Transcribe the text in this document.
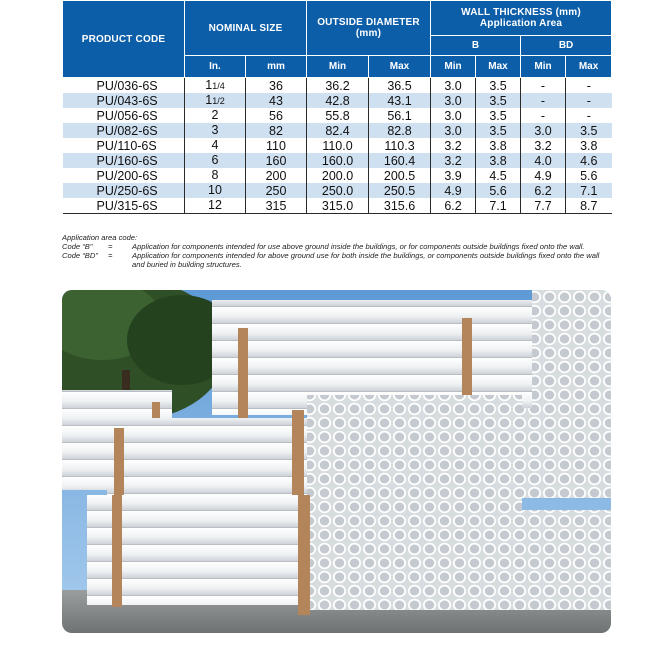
PRODUCT CODE	NOMINAL SIZE		OUTSIDE DIAMETER (mm)		WALL THICKNESS (mm)
Application Area			

					B		BD	
	In.	mm	Min	Max	Min	Max	Min	Max
PU/036-6S	11/4	36	36.2	36.5	3.0	3.5	-	-
PU/043-6S	11/2	43	42.8	43.1	3.0	3.5	-	-
PU/056-6S	2	56	55.8	56.1	3.0	3.5	-	-
PU/082-6S	3	82	82.4	82.8	3.0	3.5	3.0	3.5
PU/110-6S	4	110	110.0	110.3	3.2	3.8	3.2	3.8
PU/160-6S	6	160	160.0	160.4	3.2	3.8	4.0	4.6
PU/200-6S	8	200	200.0	200.5	3.9	4.5	4.9	5.6
PU/250-6S	10	250	250.0	250.5	4.9	5.6	6.2	7.1
PU/315-6S	12	315	315.0	315.6	6.2	7.1	7.7	8.7
Application area code:
Code “B”	=	Application for components intended for use above ground inside the buildings, or for components outside buildings fixed onto the wall.
Code “BD”	=	Application for components intended for above ground use for both inside the buildings, or components outside buildings fixed onto the wall and buried in building structures.
